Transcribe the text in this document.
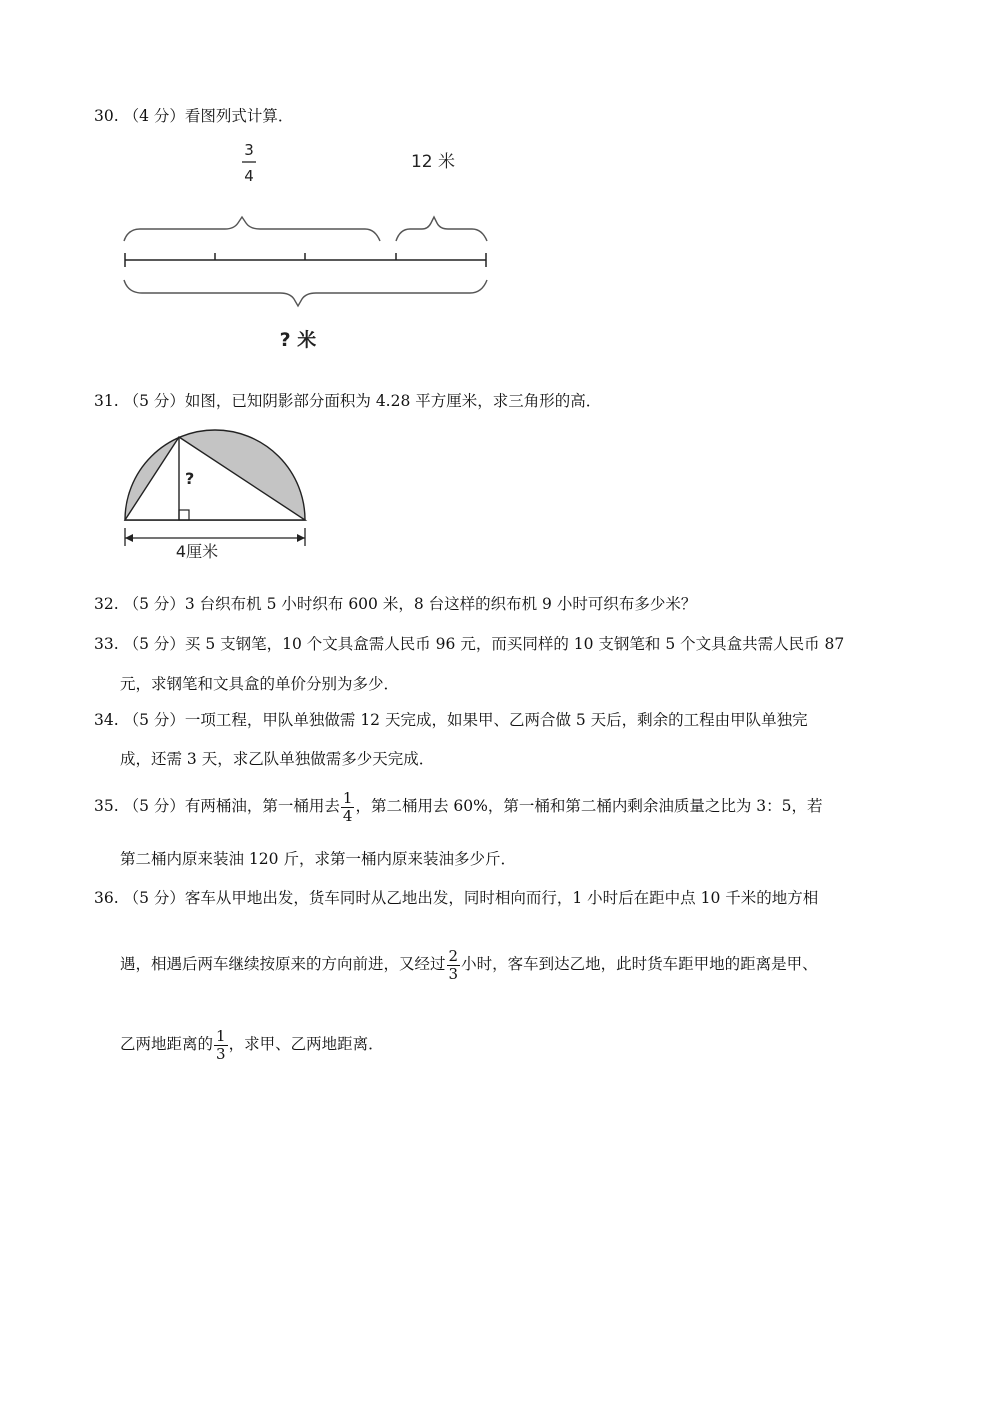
30. （4 分）看图列式计算．
3
4
12 米
? 米
31. （5 分）如图，已知阴影部分面积为 4.28 平方厘米，求三角形的高．
?
4厘米
32. （5 分）3 台织布机 5 小时织布 600 米，8 台这样的织布机 9 小时可织布多少米？
33. （5 分）买 5 支钢笔，10 个文具盒需人民币 96 元，而买同样的 10 支钢笔和 5 个文具盒共需人民币 87
元，求钢笔和文具盒的单价分别为多少．
34. （5 分）一项工程，甲队单独做需 12 天完成，如果甲、乙两合做 5 天后，剩余的工程由甲队单独完
成，还需 3 天，求乙队单独做需多少天完成．
35. （5 分）有两桶油，第一桶用去 $\frac{1}{4}$ ，第二桶用去 60%，第一桶和第二桶内剩余油质量之比为 3：5，若
第二桶内原来装油 120 斤，求第一桶内原来装油多少斤．
36. （5 分）客车从甲地出发，货车同时从乙地出发，同时相向而行，1 小时后在距中点 10 千米的地方相
遇，相遇后两车继续按原来的方向前进，又经过 $\frac{2}{3}$ 小时，客车到达乙地，此时货车距甲地的距离是甲、
乙两地距离的 $\frac{1}{3}$ ，求甲、乙两地距离．
